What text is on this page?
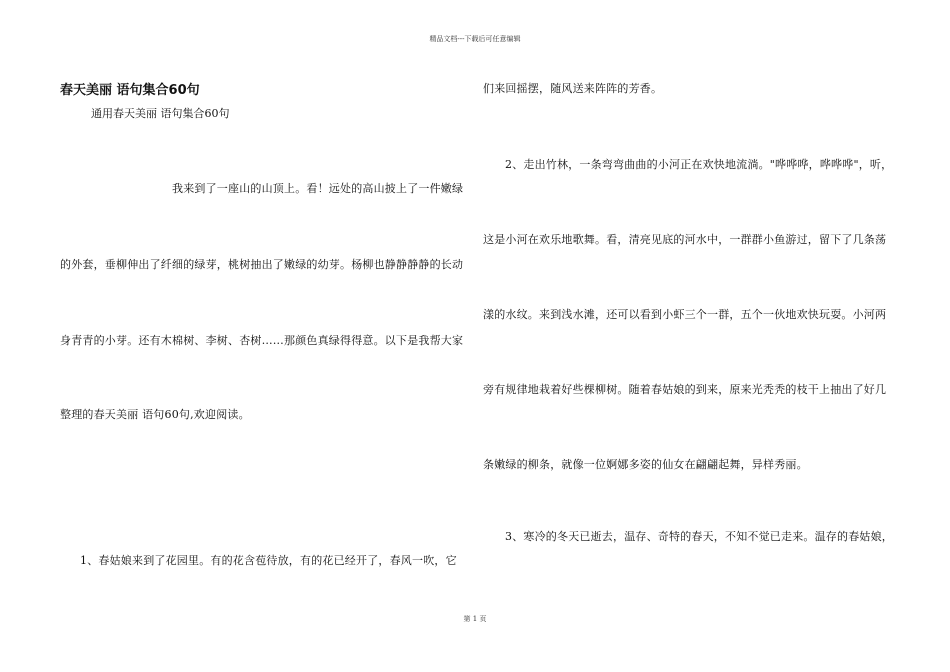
精品文档---下载后可任意编辑
春天美丽 语句集合60句
通用春天美丽 语句集合60句
我来到了一座山的山顶上。看！远处的高山披上了一件嫩绿
的外套，垂柳伸出了纤细的绿芽，桃树抽出了嫩绿的幼芽。杨柳也静静静静的长动
身青青的小芽。还有木棉树、李树、杏树……那颜色真绿得得意。以下是我帮大家
整理的春天美丽 语句60句,欢迎阅读。
1、春姑娘来到了花园里。有的花含苞待放，有的花已经开了，春风一吹，它
们来回摇摆，随风送来阵阵的芳香。
2、走出竹林，一条弯弯曲曲的小河正在欢快地流淌。"哗哗哗，哗哗哗"，听，
这是小河在欢乐地歌舞。看，清亮见底的河水中，一群群小鱼游过，留下了几条荡
漾的水纹。来到浅水滩，还可以看到小虾三个一群，五个一伙地欢快玩耍。小河两
旁有规律地栽着好些棵柳树。随着春姑娘的到来，原来光秃秃的枝干上抽出了好几
条嫩绿的柳条，就像一位婀娜多姿的仙女在翩翩起舞，异样秀丽。
3、寒冷的冬天已逝去，温存、奇特的春天，不知不觉已走来。温存的春姑娘，
第 1 页
